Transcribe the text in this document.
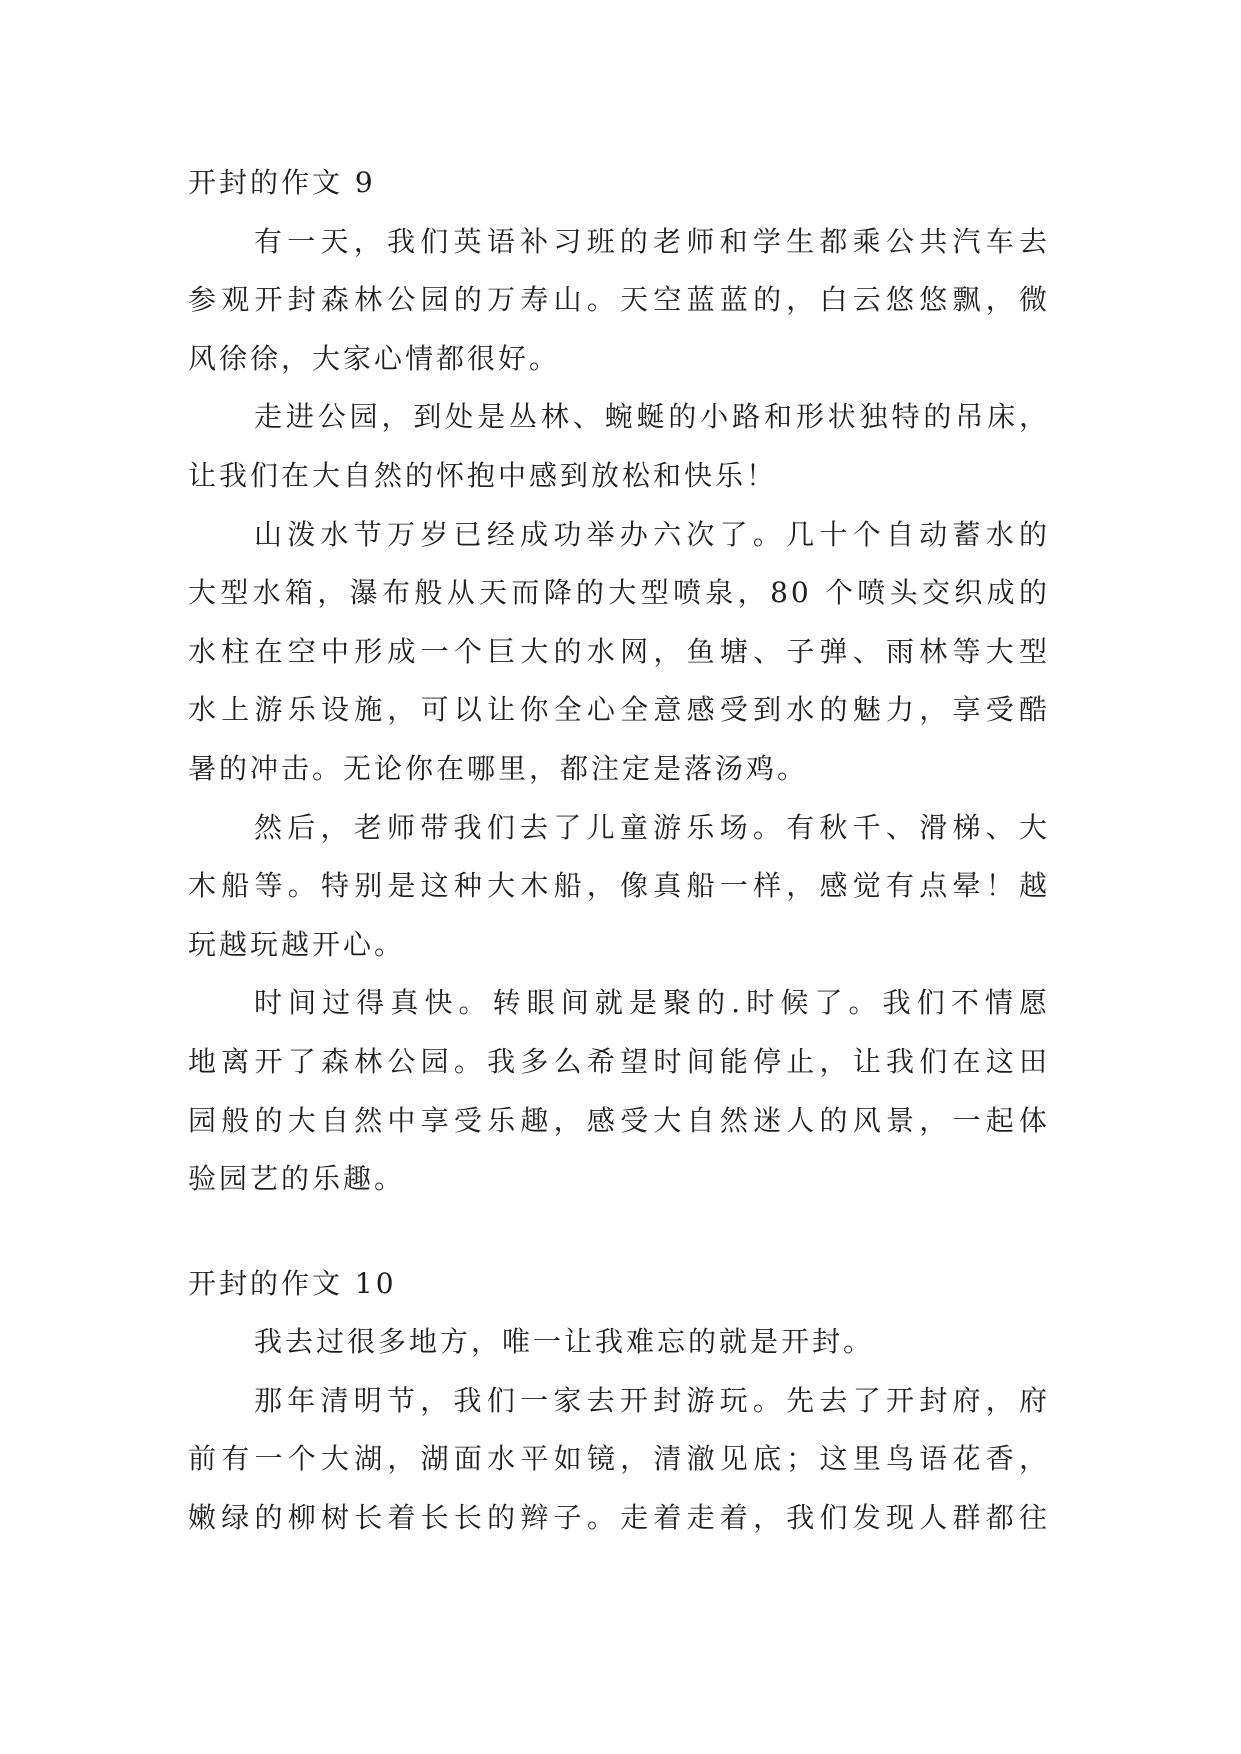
开封的作文 9
有一天，我们英语补习班的老师和学生都乘公共汽车去
参观开封森林公园的万寿山。天空蓝蓝的，白云悠悠飘，微
风徐徐，大家心情都很好。
走进公园，到处是丛林、蜿蜒的小路和形状独特的吊床，
让我们在大自然的怀抱中感到放松和快乐！
山泼水节万岁已经成功举办六次了。几十个自动蓄水的
大型水箱，瀑布般从天而降的大型喷泉，80 个喷头交织成的
水柱在空中形成一个巨大的水网，鱼塘、子弹、雨林等大型
水上游乐设施，可以让你全心全意感受到水的魅力，享受酷
暑的冲击。无论你在哪里，都注定是落汤鸡。
然后，老师带我们去了儿童游乐场。有秋千、滑梯、大
木船等。特别是这种大木船，像真船一样，感觉有点晕！越
玩越玩越开心。
时间过得真快。转眼间就是聚的.时候了。我们不情愿
地离开了森林公园。我多么希望时间能停止，让我们在这田
园般的大自然中享受乐趣，感受大自然迷人的风景，一起体
验园艺的乐趣。
开封的作文 10
我去过很多地方，唯一让我难忘的就是开封。
那年清明节，我们一家去开封游玩。先去了开封府，府
前有一个大湖，湖面水平如镜，清澈见底；这里鸟语花香，
嫩绿的柳树长着长长的辫子。走着走着，我们发现人群都往
